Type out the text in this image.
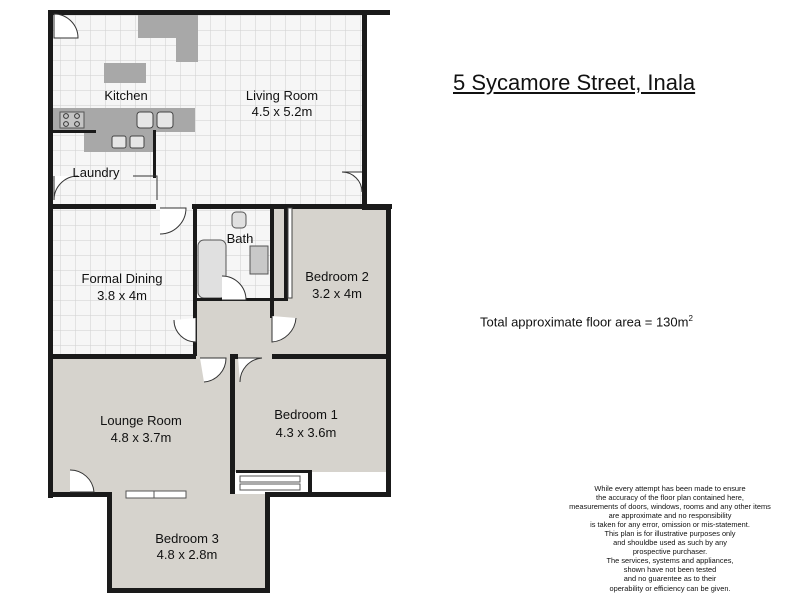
Kitchen	Living Room
4.5 x 5.2m
Laundry
Bath
Formal Dining
3.8 x 4m
Bedroom 2
3.2 x 4m
Lounge Room
4.8 x 3.7m
Bedroom 1
4.3 x 3.6m
Bedroom 3
4.8 x 2.8m
5 Sycamore Street, Inala
Total approximate floor area = $130m^2$
While every attempt has been made to ensure
the accuracy of the floor plan contained here,
measurements of doors, windows, rooms and any other items
are approximate and no responsibility
is taken for any error, omission or mis-statement.
This plan is for illustrative purposes only
and shouldbe used as such by any
prospective purchaser.
The services, systems and appliances,
shown have not been tested
and no guarentee as to their
operability or efficiency can be given.
